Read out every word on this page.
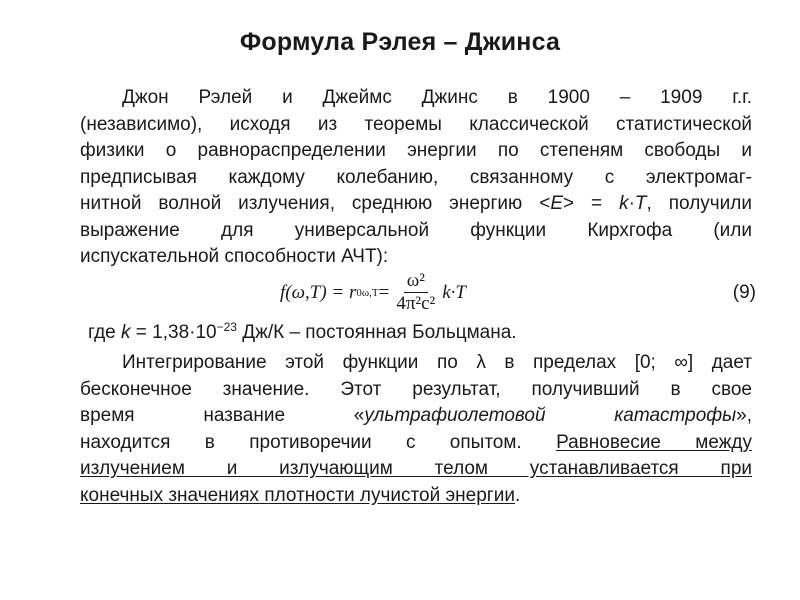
Формула Рэлея – Джинса
Джон Рэлей и Джеймс Джинс в 1900 – 1909 г.г.
(независимо), исходя из теоремы классической статистической
физики о равнораспределении энергии по степеням свободы и
предписывая каждому колебанию, связанному с электромаг-
нитной волной излучения, среднюю энергию <E> = k·T, получили
выражение для универсальной функции Кирхгофа (или
испускательной способности АЧТ):
f(ω,T) = r $0\omega,T = \frac{\text{ω²}}{\text{4π²c²}} k\cdot T$	(9)
где $k = 1,38\cdot 10^{-23}$ Дж/К – постоянная Больцмана.
Интегрирование этой функции по λ в пределах [0; ∞] дает
бесконечное значение. Этот результат, получивший в свое
время название «ультрафиолетовой катастрофы»,
находится в противоречии с опытом. Равновесие между
излучением и излучающим телом устанавливается при
конечных значениях плотности лучистой энергии.
